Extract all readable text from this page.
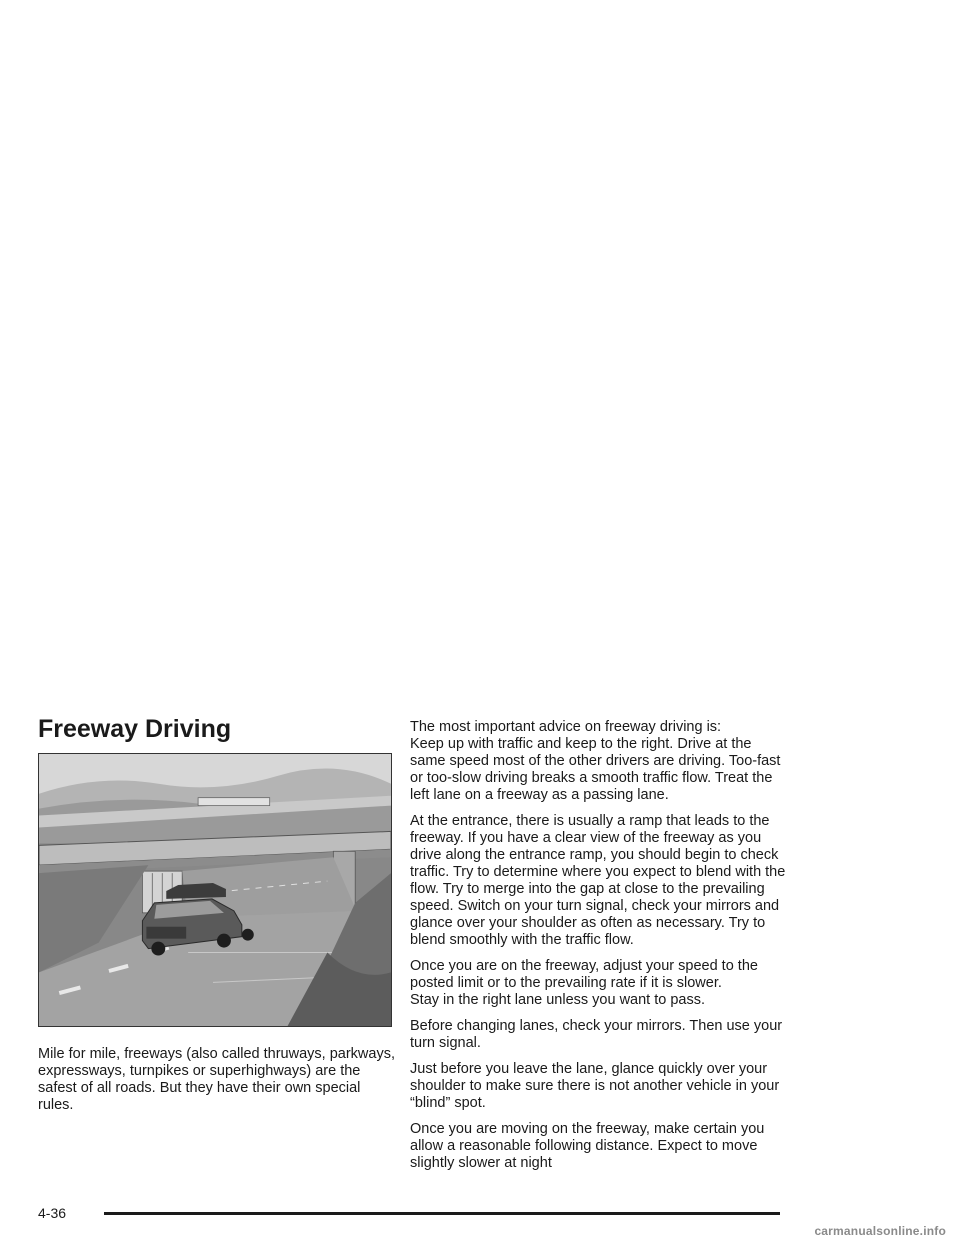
Freeway Driving

Mile for mile, freeways (also called thruways, parkways, expressways, turnpikes or superhighways) are the safest of all roads. But they have their own special rules.

The most important advice on freeway driving is:
Keep up with traffic and keep to the right. Drive at the same speed most of the other drivers are driving. Too-fast or too-slow driving breaks a smooth traffic flow. Treat the left lane on a freeway as a passing lane.

At the entrance, there is usually a ramp that leads to the freeway. If you have a clear view of the freeway as you drive along the entrance ramp, you should begin to check traffic. Try to determine where you expect to blend with the flow. Try to merge into the gap at close to the prevailing speed. Switch on your turn signal, check your mirrors and glance over your shoulder as often as necessary. Try to blend smoothly with the traffic flow.

Once you are on the freeway, adjust your speed to the posted limit or to the prevailing rate if it is slower.
Stay in the right lane unless you want to pass.

Before changing lanes, check your mirrors. Then use your turn signal.

Just before you leave the lane, glance quickly over your shoulder to make sure there is not another vehicle in your “blind” spot.

Once you are moving on the freeway, make certain you allow a reasonable following distance. Expect to move slightly slower at night

4-36
carmanualsonline.info
